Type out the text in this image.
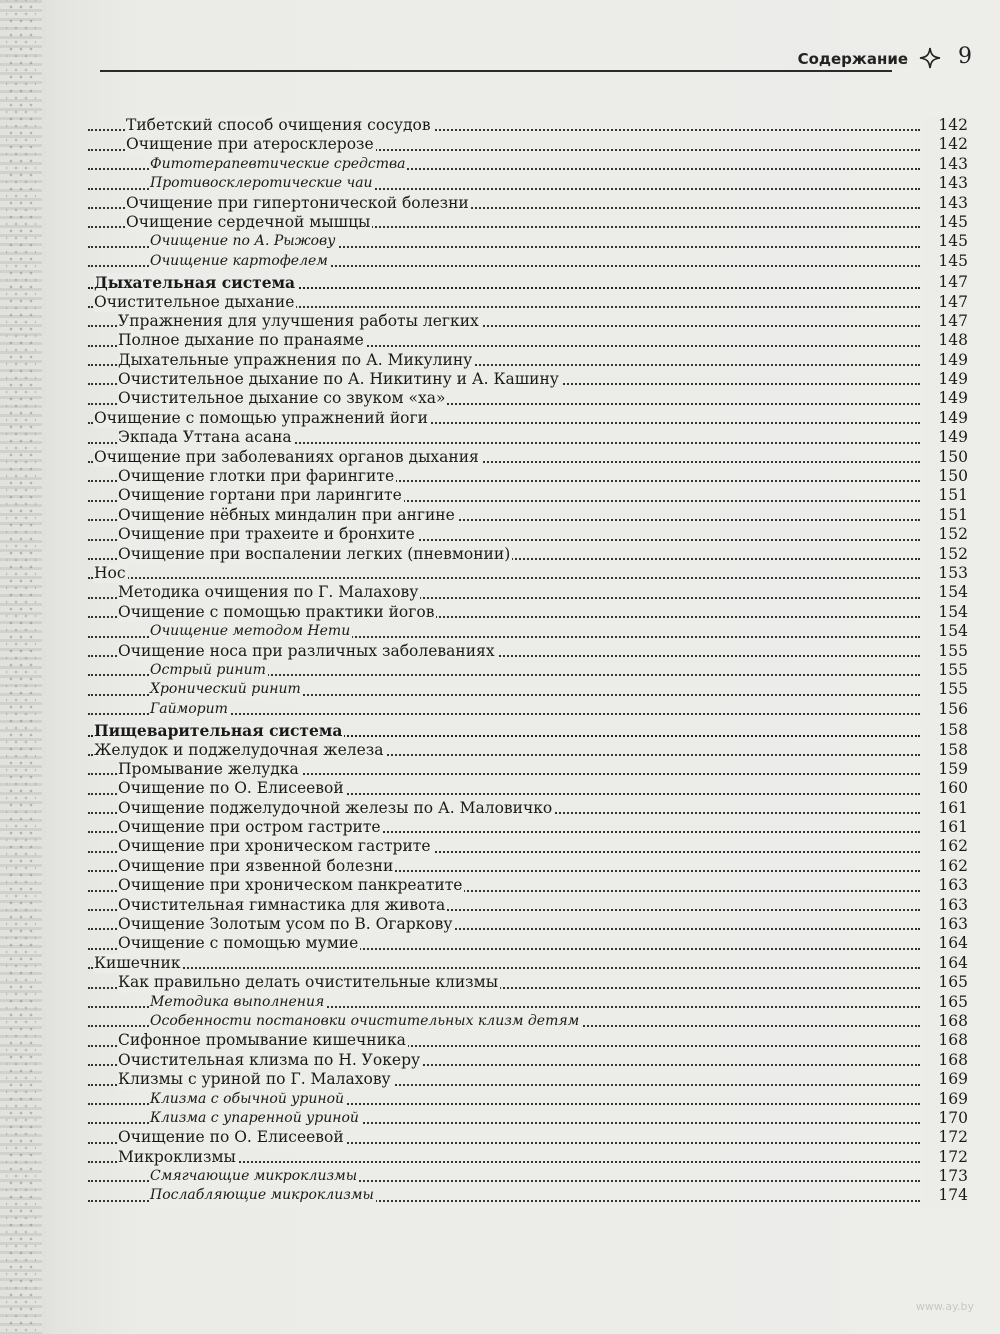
Содержание 9
Тибетский способ очищения сосудов	142
Очищение при атеросклерозе	142
Фитотерапевтические средства	143
Противосклеротические чаи	143
Очищение при гипертонической болезни	143
Очищение сердечной мышцы	145
Очищение по А. Рыжову	145
Очищение картофелем	145
Дыхательная система	147
Очистительное дыхание	147
Упражнения для улучшения работы легких	147
Полное дыхание по пранаяме	148
Дыхательные упражнения по А. Микулину	149
Очистительное дыхание по А. Никитину и А. Кашину	149
Очистительное дыхание со звуком «ха»	149
Очищение с помощью упражнений йоги	149
Экпада Уттана асана	149
Очищение при заболеваниях органов дыхания	150
Очищение глотки при фарингите	150
Очищение гортани при ларингите	151
Очищение нёбных миндалин при ангине	151
Очищение при трахеите и бронхите	152
Очищение при воспалении легких (пневмонии)	152
Нос	153
Методика очищения по Г. Малахову	154
Очищение с помощью практики йогов	154
Очищение методом Нети	154
Очищение носа при различных заболеваниях	155
Острый ринит	155
Хронический ринит	155
Гайморит	156
Пищеварительная система	158
Желудок и поджелудочная железа	158
Промывание желудка	159
Очищение по О. Елисеевой	160
Очищение поджелудочной железы по А. Маловичко	161
Очищение при остром гастрите	161
Очищение при хроническом гастрите	162
Очищение при язвенной болезни	162
Очищение при хроническом панкреатите	163
Очистительная гимнастика для живота	163
Очищение Золотым усом по В. Огаркову	163
Очищение с помощью мумие	164
Кишечник	164
Как правильно делать очистительные клизмы	165
Методика выполнения	165
Особенности постановки очистительных клизм детям	168
Сифонное промывание кишечника	168
Очистительная клизма по Н. Уокеру	168
Клизмы с уриной по Г. Малахову	169
Клизма с обычной уриной	169
Клизма с упаренной уриной	170
Очищение по О. Елисеевой	172
Микроклизмы	172
Смягчающие микроклизмы	173
Послабляющие микроклизмы	174
www.ay.by
